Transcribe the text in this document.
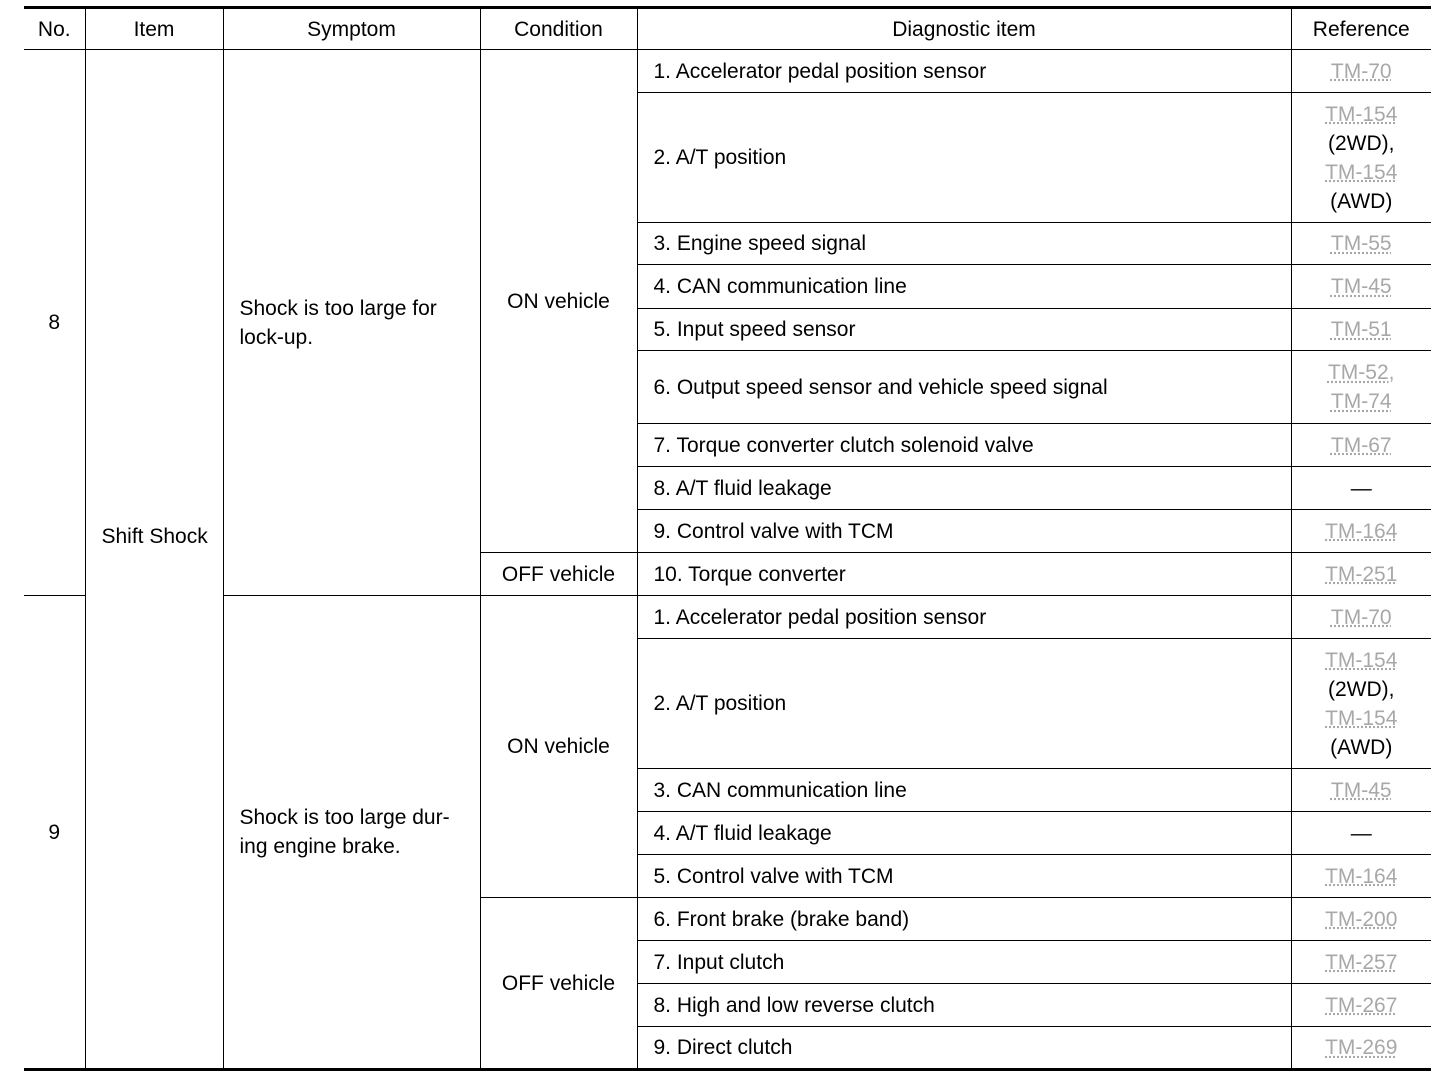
No.	Item	Symptom	Condition	Diagnostic item	Reference
8	Shift Shock	Shock is too large for lock-up.	ON vehicle	1. Accelerator pedal position sensor	TM-70

				2. A/T position	TM-154
(2WD),
TM-154
(AWD)

				3. Engine speed signal	TM-55

				4. CAN communication line	TM-45

				5. Input speed sensor	TM-51

				6. Output speed sensor and vehicle speed signal	TM-52,
TM-74

				7. Torque converter clutch solenoid valve	TM-67

				8. A/T fluid leakage	—

				9. Control valve with TCM	TM-164

			OFF vehicle	10. Torque converter	TM-251

9		Shock is too large dur-ing engine brake.	ON vehicle	1. Accelerator pedal position sensor	TM-70

				2. A/T position	TM-154
(2WD),
TM-154
(AWD)

				3. CAN communication line	TM-45

				4. A/T fluid leakage	—

				5. Control valve with TCM	TM-164

			OFF vehicle	6. Front brake (brake band)	TM-200

				7. Input clutch	TM-257

				8. High and low reverse clutch	TM-267

				9. Direct clutch	TM-269
